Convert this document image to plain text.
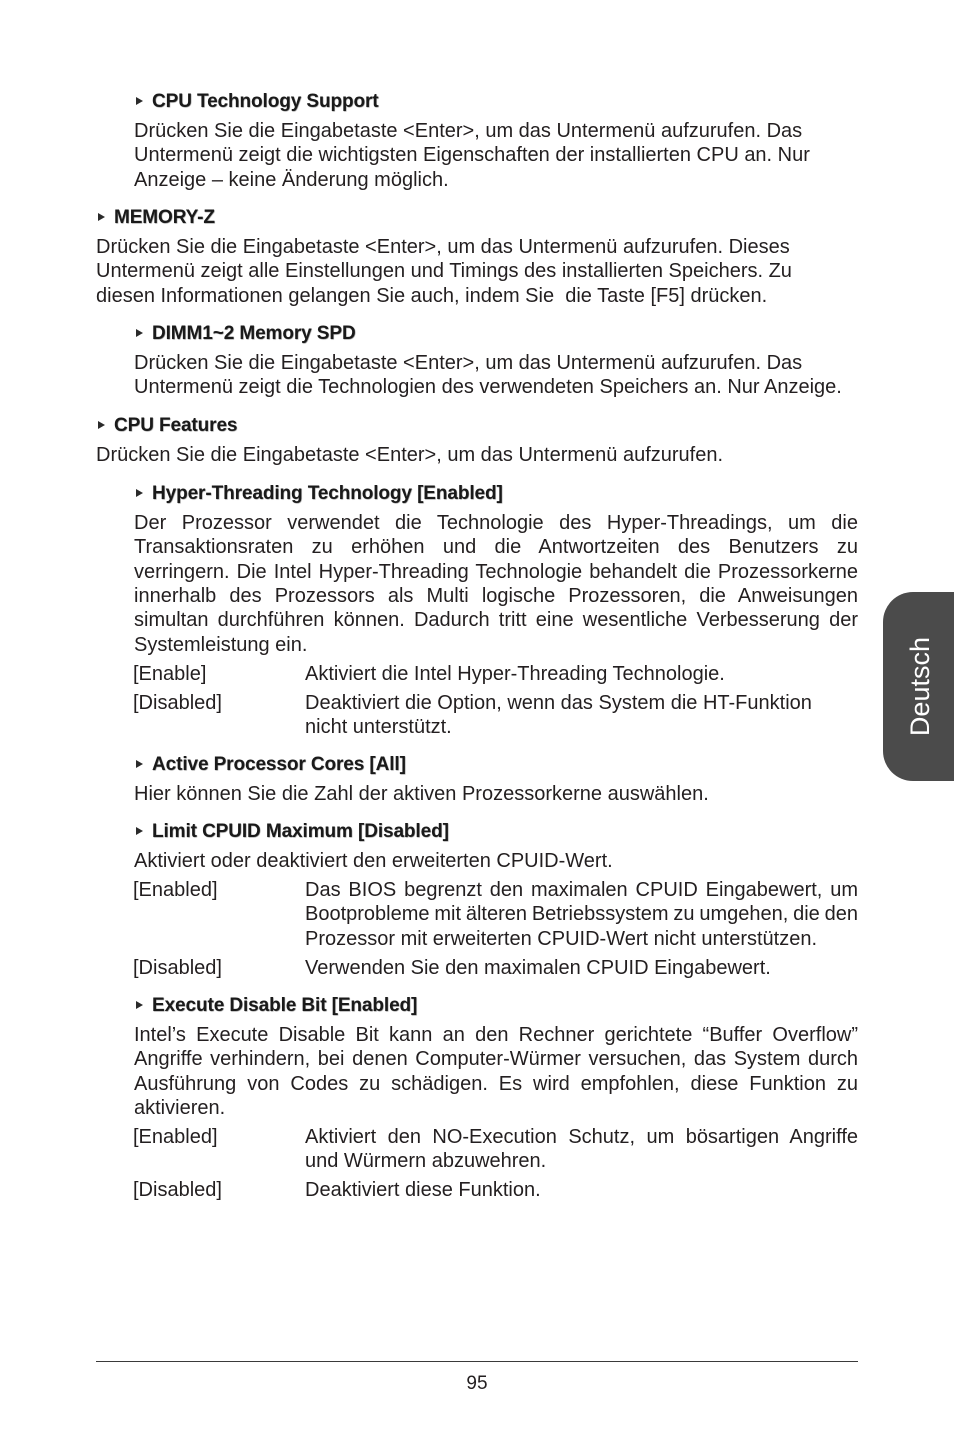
CPU Technology Support
Drücken Sie die Eingabetaste <Enter>, um das Untermenü aufzurufen. Das
Untermenü zeigt die wichtigsten Eigenschaften der installierten CPU an. Nur
Anzeige – keine Änderung möglich.
MEMORY-Z
Drücken Sie die Eingabetaste <Enter>, um das Untermenü aufzurufen. Dieses
Untermenü zeigt alle Einstellungen und Timings des installierten Speichers. Zu
diesen Informationen gelangen Sie auch, indem Sie  die Taste [F5] drücken.
DIMM1~2 Memory SPD
Drücken Sie die Eingabetaste <Enter>, um das Untermenü aufzurufen. Das
Untermenü zeigt die Technologien des verwendeten Speichers an. Nur Anzeige.
CPU Features
Drücken Sie die Eingabetaste <Enter>, um das Untermenü aufzurufen.
Hyper-Threading Technology [Enabled]
Der Prozessor verwendet die Technologie des Hyper-Threadings, um die
Transaktionsraten zu erhöhen und die Antwortzeiten des Benutzers zu
verringern. Die Intel Hyper-Threading Technologie behandelt die Prozessorkerne
innerhalb des Prozessors als Multi logische Prozessoren, die Anweisungen
simultan durchführen können. Dadurch tritt eine wesentliche Verbesserung der
Systemleistung ein.
[Enable]	Aktiviert die Intel Hyper-Threading Technologie.
[Disabled]	Deaktiviert die Option, wenn das System die HT-Funktion
nicht unterstützt.
Active Processor Cores [All]
Hier können Sie die Zahl der aktiven Prozessorkerne auswählen.
Limit CPUID Maximum [Disabled]
Aktiviert oder deaktiviert den erweiterten CPUID-Wert.
[Enabled]	Das BIOS begrenzt den maximalen CPUID Eingabewert, um
Bootprobleme mit älteren Betriebssystem zu umgehen, die den
Prozessor mit erweiterten CPUID-Wert nicht unterstützen.
[Disabled]	Verwenden Sie den maximalen CPUID Eingabewert.
Execute Disable Bit [Enabled]
Intel’s Execute Disable Bit kann an den Rechner gerichtete “Buffer Overflow”
Angriffe verhindern, bei denen Computer-Würmer versuchen, das System durch
Ausführung von Codes zu schädigen. Es wird empfohlen, diese Funktion zu
aktivieren.
[Enabled]	Aktiviert den NO-Execution Schutz, um bösartigen Angriffe
und Würmern abzuwehren.
[Disabled]	Deaktiviert diese Funktion.
Deutsch
95
